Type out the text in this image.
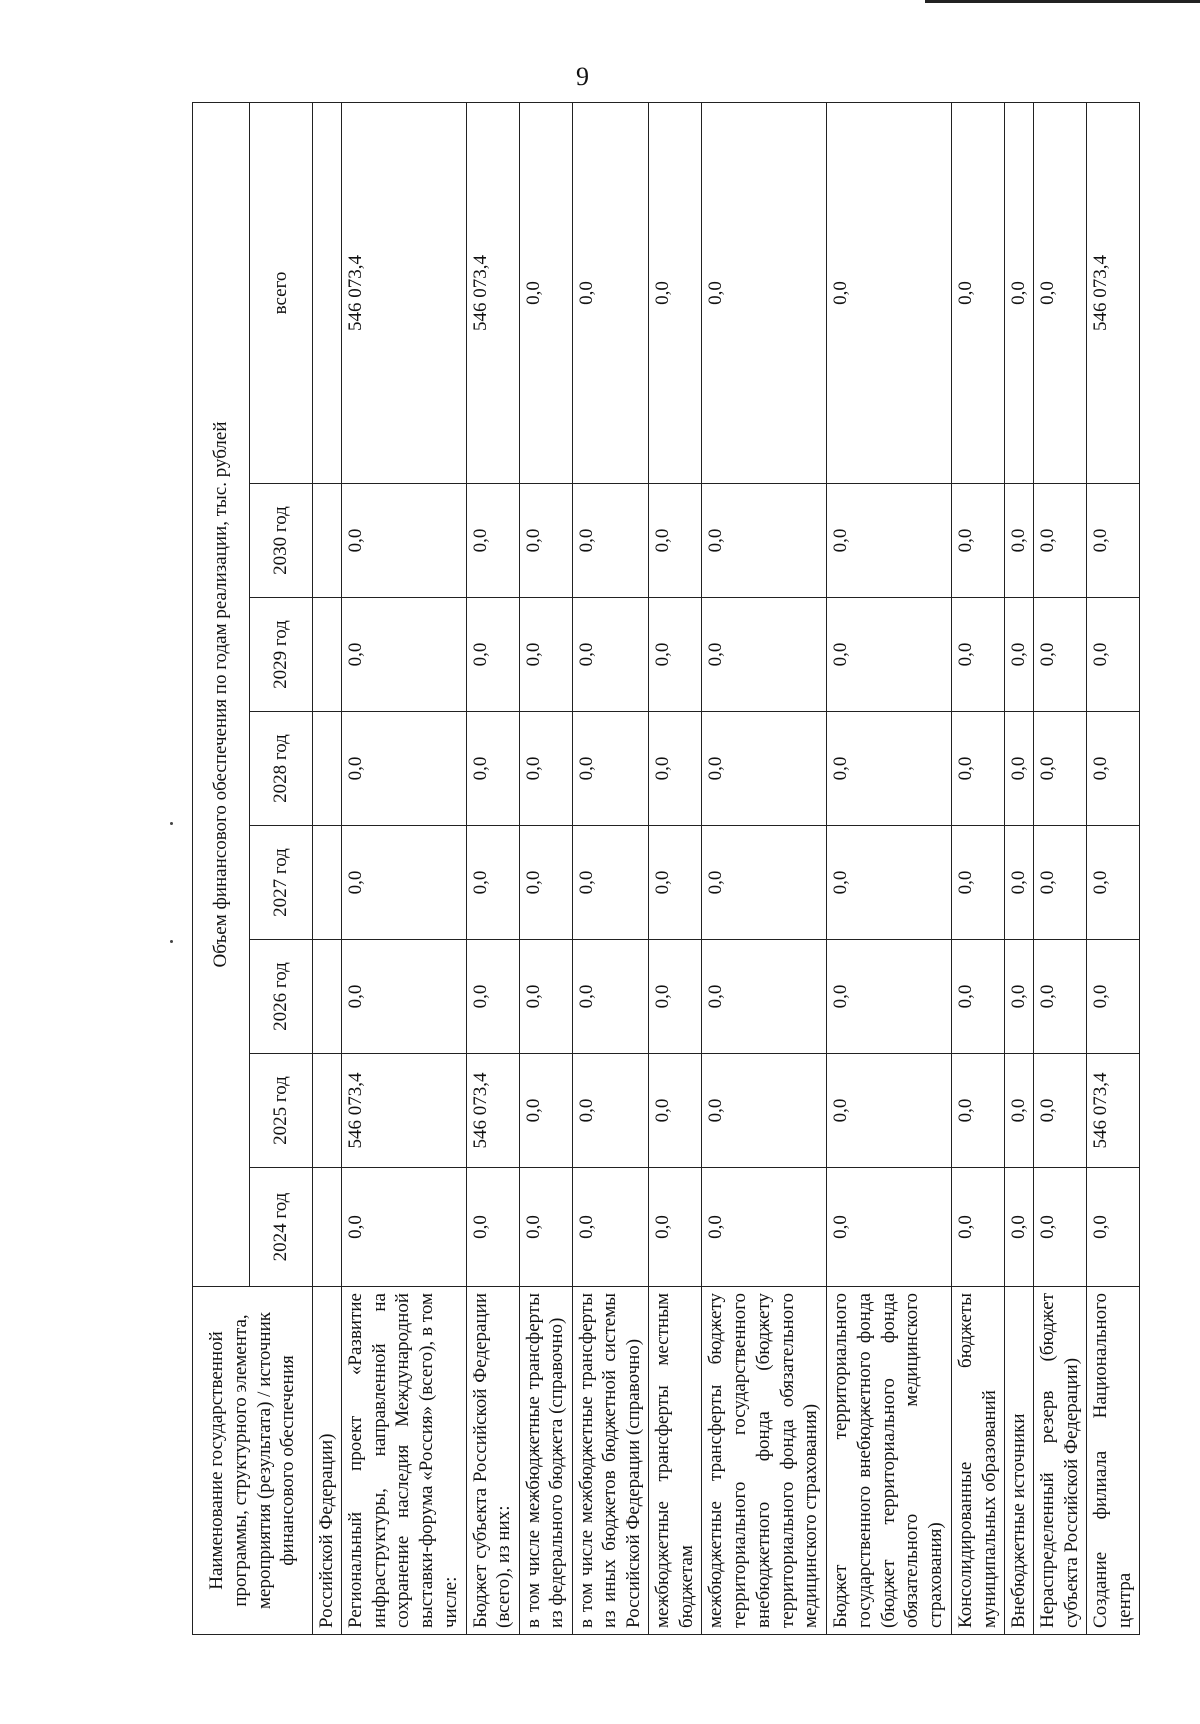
9
Наименование государственной программы, структурного элемента, мероприятия (результата) / источник финансового обеспечения	Объем финансового обеспечения по годам реализации, тыс. рублей							
	2024 год	2025 год	2026 год	2027 год	2028 год	2029 год	2030 год	всего
Российской Федерации)								
Региональный проект «Развитие инфраструктуры, направленной на сохранение наследия Международной выставки-форума «Россия» (всего), в том числе:	0,0	546 073,4	0,0	0,0	0,0	0,0	0,0	546 073,4
Бюджет субъекта Российской Федерации (всего), из них:	0,0	546 073,4	0,0	0,0	0,0	0,0	0,0	546 073,4
в том числе межбюджетные трансферты из федерального бюджета (справочно)	0,0	0,0	0,0	0,0	0,0	0,0	0,0	0,0
в том числе межбюджетные трансферты из иных бюджетов бюджетной системы Российской Федерации (справочно)	0,0	0,0	0,0	0,0	0,0	0,0	0,0	0,0
межбюджетные трансферты местным бюджетам	0,0	0,0	0,0	0,0	0,0	0,0	0,0	0,0
межбюджетные трансферты бюджету территориального государственного внебюджетного фонда (бюджету территориального фонда обязательного медицинского страхования)	0,0	0,0	0,0	0,0	0,0	0,0	0,0	0,0
Бюджет территориального государственного внебюджетного фонда (бюджет территориального фонда обязательного медицинского страхования)	0,0	0,0	0,0	0,0	0,0	0,0	0,0	0,0
Консолидированные бюджеты муниципальных образований	0,0	0,0	0,0	0,0	0,0	0,0	0,0	0,0
Внебюджетные источники	0,0	0,0	0,0	0,0	0,0	0,0	0,0	0,0
Нераспределенный резерв (бюджет субъекта Российской Федерации)	0,0	0,0	0,0	0,0	0,0	0,0	0,0	0,0
Создание филиала Национального центра	0,0	546 073,4	0,0	0,0	0,0	0,0	0,0	546 073,4
